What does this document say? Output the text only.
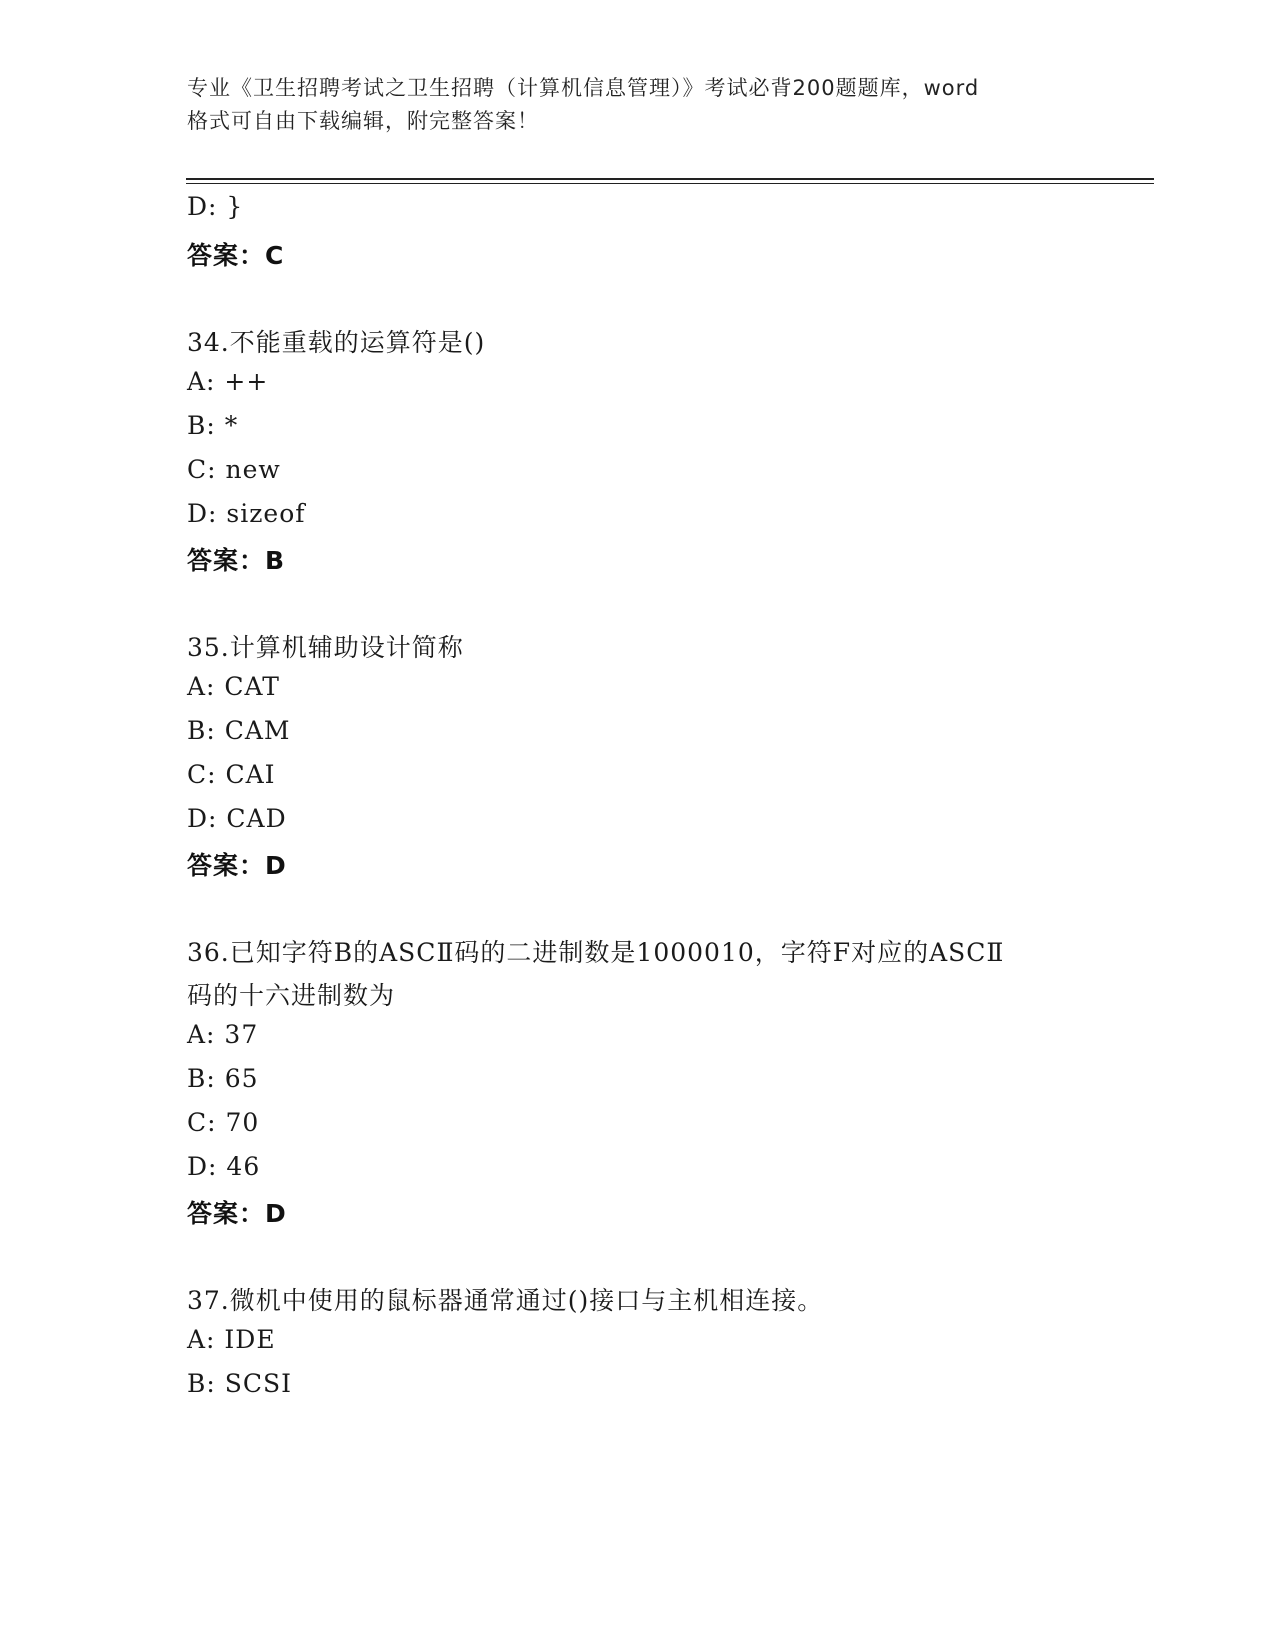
专业《卫生招聘考试之卫生招聘（计算机信息管理）》考试必背200题题库，word
格式可自由下载编辑，附完整答案！
D: }
答案：C
34.不能重载的运算符是()
A: ++
B: *
C: new
D: sizeof
答案：B
35.计算机辅助设计简称
A: CAT
B: CAM
C: CAI
D: CAD
答案：D
36.已知字符B的ASCⅡ码的二进制数是1000010，字符F对应的ASCⅡ
码的十六进制数为
A: 37
B: 65
C: 70
D: 46
答案：D
37.微机中使用的鼠标器通常通过()接口与主机相连接。
A: IDE
B: SCSI
